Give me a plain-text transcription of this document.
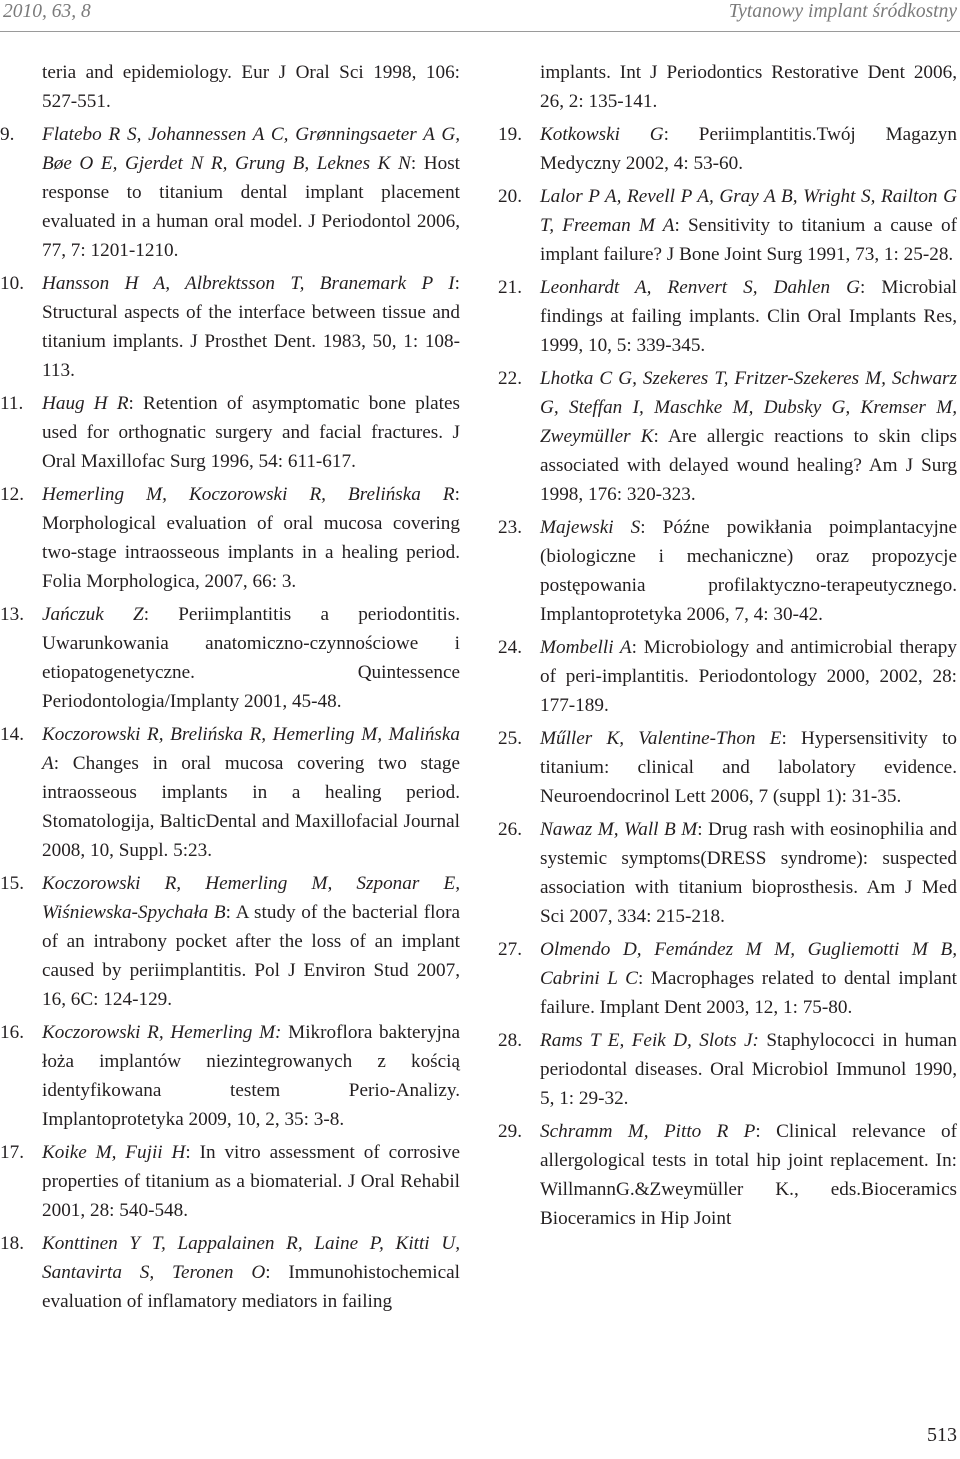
2010, 63, 8	Tytanowy implant śródkostny
teria and epidemiology. Eur J Oral Sci 1998, 106: 527-551.
9. Flatebo R S, Johannessen A C, Grønningsaeter A G, Bøe O E, Gjerdet N R, Grung B, Leknes K N: Host response to titanium dental implant placement evaluated in a human oral model. J Periodontol 2006, 77, 7: 1201-1210.
10. Hansson H A, Albrektsson T, Branemark P I: Structural aspects of the interface between tissue and titanium implants. J Prosthet Dent. 1983, 50, 1: 108-113.
11. Haug H R: Retention of asymptomatic bone plates used for orthognatic surgery and facial fractures. J Oral Maxillofac Surg 1996, 54: 611-617.
12. Hemerling M, Koczorowski R, Brelińska R: Morphological evaluation of oral mucosa covering two-stage intraosseous implants in a healing period. Folia Morphologica, 2007, 66: 3.
13. Jańczuk Z: Periimplantitis a periodontitis. Uwarunkowania anatomiczno-czynnościowe i etiopatogenetyczne. Quintessence Periodontologia/Implanty 2001, 45-48.
14. Koczorowski R, Brelińska R, Hemerling M, Malińska A: Changes in oral mucosa covering two stage intraosseous implants in a healing period. Stomatologija, BalticDental and Maxillofacial Journal 2008, 10, Suppl. 5:23.
15. Koczorowski R, Hemerling M, Szponar E, Wiśniewska-Spychała B: A study of the bacterial flora of an intrabony pocket after the loss of an implant caused by periimplantitis. Pol J Environ Stud 2007, 16, 6C: 124-129.
16. Koczorowski R, Hemerling M: Mikroflora bakteryjna łoża implantów niezintegrowanych z kością identyfikowana testem Perio-Analizy. Implantoprotetyka 2009, 10, 2, 35: 3-8.
17. Koike M, Fujii H: In vitro assessment of corrosive properties of titanium as a biomaterial. J Oral Rehabil 2001, 28: 540-548.
18. Konttinen Y T, Lappalainen R, Laine P, Kitti U, Santavirta S, Teronen O: Immunohistochemical evaluation of inflamatory mediators in failing
implants. Int J Periodontics Restorative Dent 2006, 26, 2: 135-141.
19. Kotkowski G: Periimplantitis.Twój Magazyn Medyczny 2002, 4: 53-60.
20. Lalor P A, Revell P A, Gray A B, Wright S, Railton G T, Freeman M A: Sensitivity to titanium a cause of implant failure? J Bone Joint Surg 1991, 73, 1: 25-28.
21. Leonhardt A, Renvert S, Dahlen G: Microbial findings at failing implants. Clin Oral Implants Res, 1999, 10, 5: 339-345.
22. Lhotka C G, Szekeres T, Fritzer-Szekeres M, Schwarz G, Steffan I, Maschke M, Dubsky G, Kremser M, Zweymüller K: Are allergic reactions to skin clips associated with delayed wound healing? Am J Surg 1998, 176: 320-323.
23. Majewski S: Późne powikłania poimplantacyjne (biologiczne i mechaniczne) oraz propozycje postępowania profilaktyczno-terapeutycznego. Implantoprotetyka 2006, 7, 4: 30-42.
24. Mombelli A: Microbiology and antimicrobial therapy of peri-implantitis. Periodontology 2000, 2002, 28: 177-189.
25. Műller K, Valentine-Thon E: Hypersensitivity to titanium: clinical and labolatory evidence. Neuroendocrinol Lett 2006, 7 (suppl 1): 31-35.
26. Nawaz M, Wall B M: Drug rash with eosinophilia and systemic symptoms(DRESS syndrome): suspected association with titanium bioprosthesis. Am J Med Sci 2007, 334: 215-218.
27. Olmendo D, Femández M M, Gugliemotti M B, Cabrini L C: Macrophages related to dental implant failure. Implant Dent 2003, 12, 1: 75-80.
28. Rams T E, Feik D, Slots J: Staphylococci in human periodontal diseases. Oral Microbiol Immunol 1990, 5, 1: 29-32.
29. Schramm M, Pitto R P: Clinical relevance of allergological tests in total hip joint replacement. In: WillmannG.&Zweymüller K., eds.Bioceramics Bioceramics in Hip Joint
513
